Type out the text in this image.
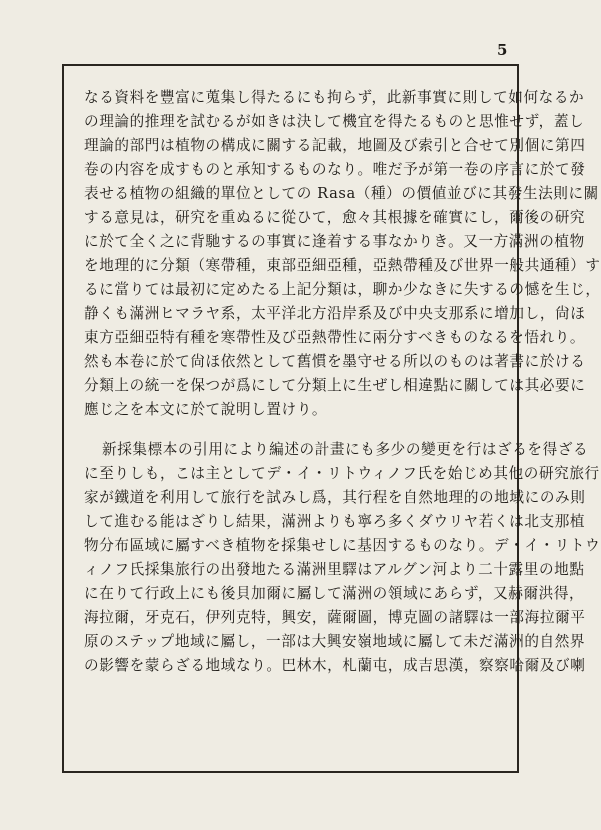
5
なる資料を豐富に蒐集し得たるにも拘らず，此新事實に則して如何なるか
の理論的推理を試むるが如きは決して機宜を得たるものと思惟せず，蓋し
理論的部門は植物の構成に關する記載，地圖及び索引と合せて別個に第四
卷の内容を成すものと承知するものなり。唯だ予が第一卷の序言に於て發
表せる植物の組織的單位としての Rasa（種）の價値並びに其發生法則に關
する意見は，研究を重ぬるに從ひて，愈々其根據を確實にし，爾後の研究
に於て全く之に背馳するの事實に逢着する事なかりき。又一方滿洲の植物
を地理的に分類（寒帶種，東部亞細亞種，亞熱帶種及び世界一般共通種）す
るに當りては最初に定めたる上記分類は，聊か少なきに失するの憾を生じ，
静くも滿洲ヒマラヤ系，太平洋北方沿岸系及び中央支那系に增加し，尙ほ
東方亞細亞特有種を寒帶性及び亞熱帶性に兩分すべきものなるを悟れり。
然も本卷に於て尙ほ依然として舊慣を墨守せる所以のものは著書に於ける
分類上の統一を保つが爲にして分類上に生ぜし相違點に關しては其必要に
應じ之を本文に於て說明し置けり。
新採集標本の引用により編述の計畫にも多少の變更を行はざるを得ざる
に至りしも，こは主としてデ・イ・リトウィノフ氏を始じめ其他の研究旅行
家が鐵道を利用して旅行を試みし爲，其行程を自然地理的の地域にのみ則
して進むる能はざりし結果，滿洲よりも寧ろ多くダウリヤ若くは北支那植
物分布區域に屬すべき植物を採集せしに基因するものなり。デ・イ・リトウ
ィノフ氏採集旅行の出發地たる滿洲里驛はアルグン河より二十露里の地點
に在りて行政上にも後貝加爾に屬して滿洲の領域にあらず，又赫爾洪得，
海拉爾，牙克石，伊列克特，興安，薩爾圖，博克圖の諸驛は一部海拉爾平
原のステップ地域に屬し，一部は大興安嶺地域に屬して未だ滿洲的自然界
の影響を蒙らざる地域なり。巴林木，札蘭屯，成吉思漢，察察哈爾及び喇
